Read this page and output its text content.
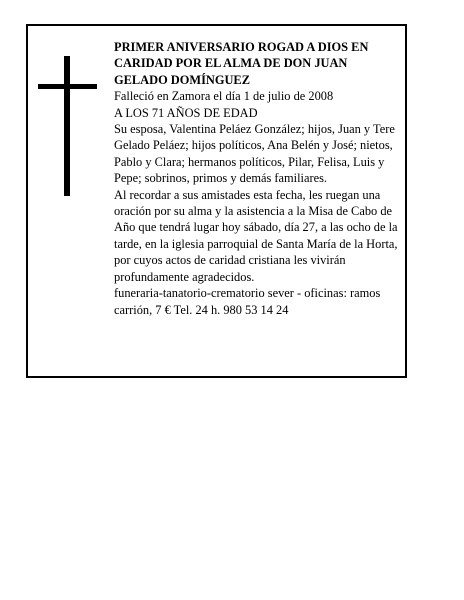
PRIMER ANIVERSARIO ROGAD A DIOS EN CARIDAD POR EL ALMA DE DON JUAN GELADO DOMÍNGUEZ

Falleció en Zamora el día 1 de julio de 2008

A LOS 71 AÑOS DE EDAD

Su esposa, Valentina Peláez González; hijos, Juan y Tere Gelado Peláez; hijos políticos, Ana Belén y José; nietos, Pablo y Clara; hermanos políticos, Pilar, Felisa, Luis y Pepe; sobrinos, primos y demás familiares.

Al recordar a sus amistades esta fecha, les ruegan una oración por su alma y la asistencia a la Misa de Cabo de Año que tendrá lugar hoy sábado, día 27, a las ocho de la tarde, en la iglesia parroquial de Santa María de la Horta, por cuyos actos de caridad cristiana les vivirán profundamente agradecidos.

funeraria-tanatorio-crematorio sever - oficinas: ramos carrión, 7 € Tel. 24 h. 980 53 14 24
